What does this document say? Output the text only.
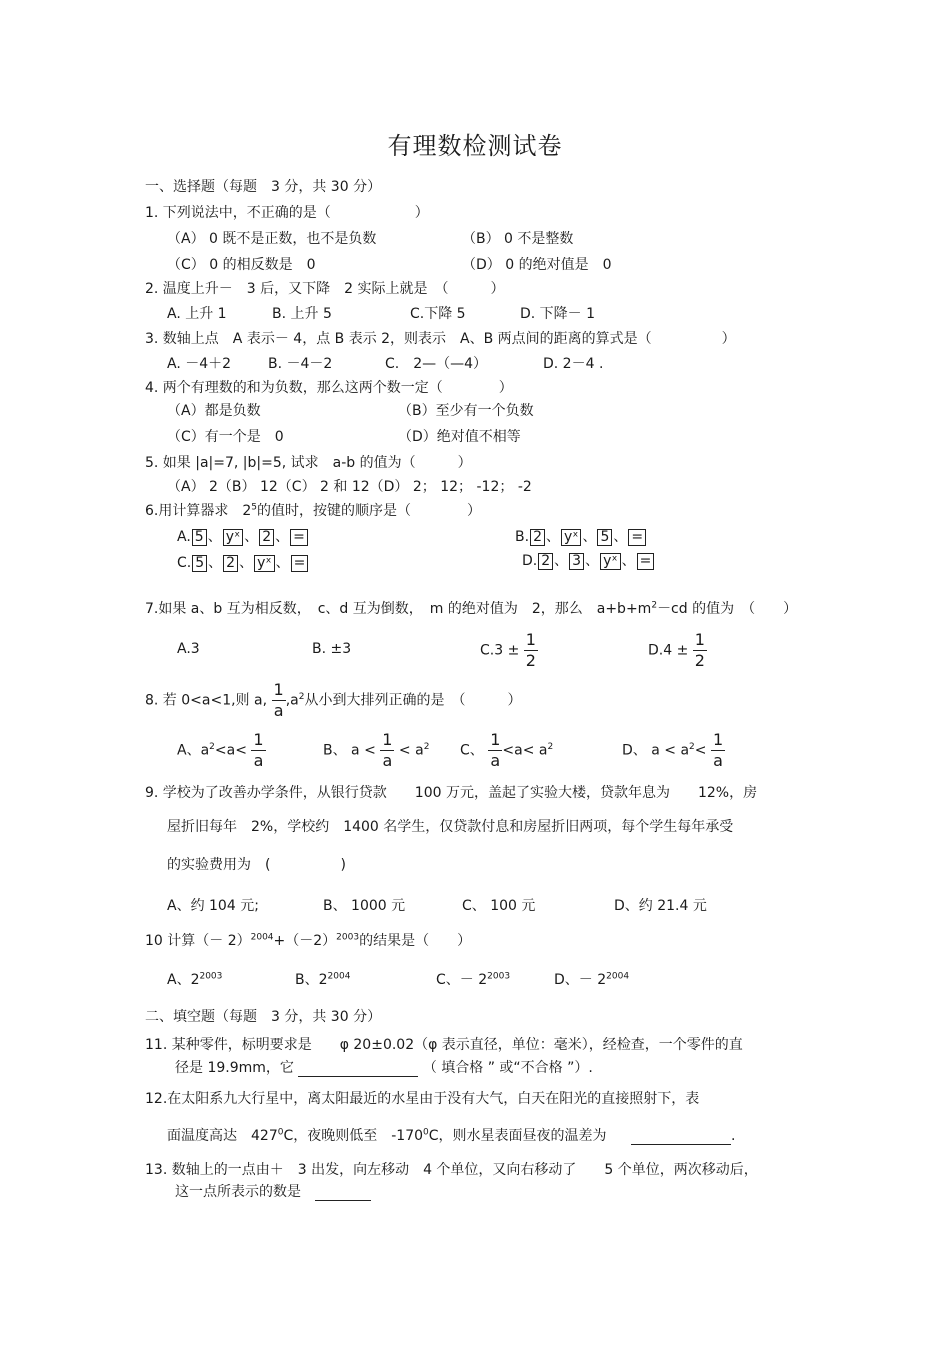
有理数检测试卷
一、选择题（每题　3 分，共 30 分）
1. 下列说法中，不正确的是（　　　　　　）
（A） 0 既不是正数，也不是负数	（B） 0 不是整数
（C） 0 的相反数是　0	（D） 0 的绝对值是　0
2. 温度上升－　3 后，又下降　2 实际上就是　（　　　）
A. 上升 1	B. 上升 5	C.下降 5	D. 下降－ 1
3. 数轴上点　A 表示－ 4，点 B 表示 2，则表示　A、B 两点间的距离的算式是（　　　　　）
A. －4＋2	B. －4－2	C.　2—（—4）	D. 2－4 .
4. 两个有理数的和为负数，那么这两个数一定（　　　　）
（A）都是负数	（B）至少有一个负数
（C）有一个是　0	（D）绝对值不相等
5. 如果 |a|=7, |b|=5, 试求　a-b 的值为（　　　）
（A） 2（B） 12（C） 2 和 12（D） 2； 12； -12； -2
6.用计算器求　$2^5$的值时，按键的顺序是（　　　　）
A. 5 、 yˣ 、 2 、 =	B. 2 、 yˣ 、 5 、 =
C. 5 、 2 、 yˣ 、 =	D. 2 、 3 、 yˣ 、 =
7.如果 a、b 互为相反数，　c、d 互为倒数，　m 的绝对值为　2，那么　$a+b+m^2-cd$ 的值为　（　　）
A.3	B. ±3	$C.3 \pm \frac{1}{2}$	$D.4 \pm \frac{1}{2}$
8. 若 0<a<1,则 a, $\frac{1}{a} ,a^2$从小到大排列正确的是　（　　　）
A、$a^2<a< \frac{1}{a}$	B、 $a < \frac{1}{a} < a^2$ C、 $\frac{1}{a} <a< a^2$	D、 $a < a^2< \frac{1}{a}$
9. 学校为了改善办学条件，从银行贷款　　100 万元，盖起了实验大楼，贷款年息为　　12%，房
屋折旧每年　2%，学校约　1400 名学生，仅贷款付息和房屋折旧两项，每个学生每年承受
的实验费用为　(　　　　　)
A、约 104 元;	B、 1000 元	C、 100 元	D、约 21.4 元
10 计算（－ $2)^{2004}+(-2)^{2003}$的结果是（　　）
A、$2^{2003}$	B、$2^{2004}$	C、－ $2^{2003}$	D、－ $2^{2004}$
二、填空题（每题　3 分，共 30 分）
11. 某种零件，标明要求是　　φ 20±0.02（φ 表示直径，单位：毫米），经检查，一个零件的直
径是 19.9mm，它	（ 填合格 ” 或“不合格 ”）.
12.在太阳系九大行星中，离太阳最近的水星由于没有大气，白天在阳光的直接照射下，表
面温度高达　$427^0C$，夜晚则低至　$-170^0C$，则水星表面昼夜的温差为	.
13. 数轴上的一点由＋　3 出发，向左移动　4 个单位，又向右移动了　　5 个单位，两次移动后，
这一点所表示的数是
